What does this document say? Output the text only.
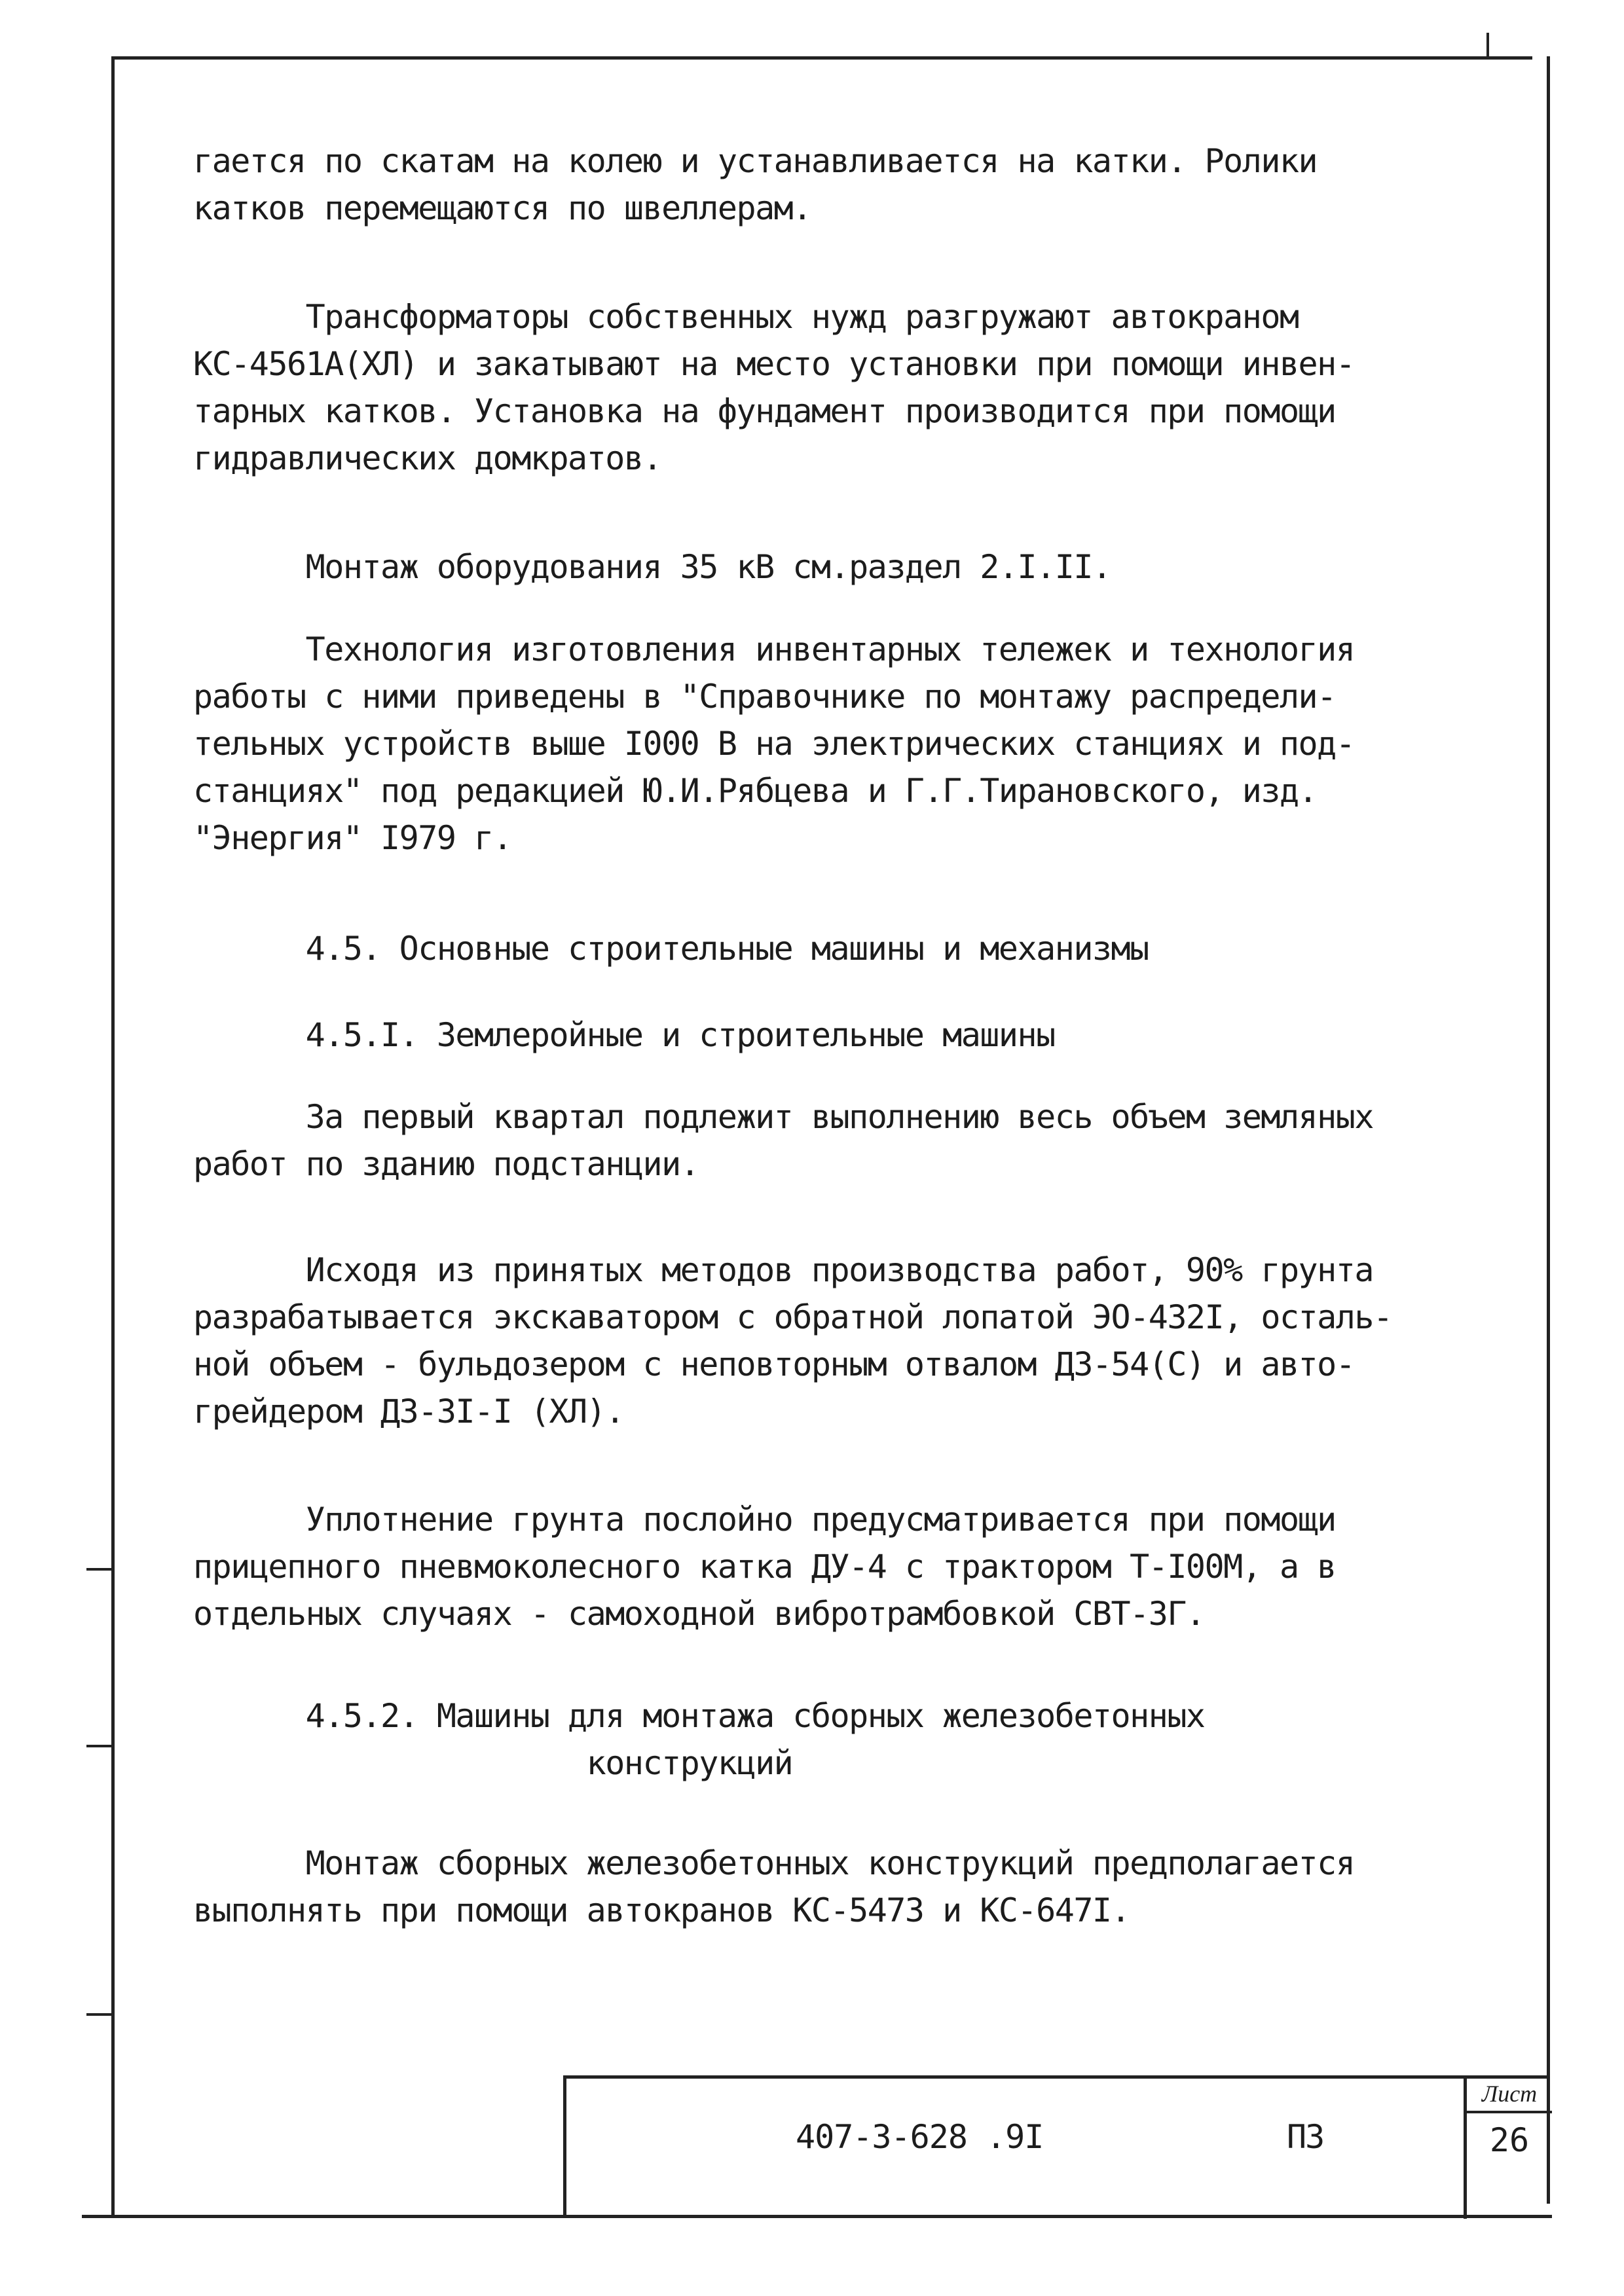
гается по скатам на колею и устанавливается на катки. Ролики
катков перемещаются по швеллерам.
Трансформаторы собственных нужд разгружают автокраном
КС-4561А(ХЛ) и закатывают на место установки при помощи инвен-
тарных катков. Установка на фундамент производится при помощи
гидравлических домкратов.
Монтаж оборудования 35 кВ см.раздел 2.I.II.
Технология изготовления инвентарных тележек и технология
работы с ними приведены в "Справочнике по монтажу распредели-
тельных устройств выше I000 В на электрических станциях и под-
станциях" под редакцией Ю.И.Рябцева и Г.Г.Тирановского, изд.
"Энергия" I979 г.
4.5. Основные строительные машины и механизмы
4.5.I. Землеройные и строительные машины
За первый квартал подлежит выполнению весь объем земляных
работ по зданию подстанции.
Исходя из принятых методов производства работ, 90% грунта
разрабатывается экскаватором с обратной лопатой ЭО-432I, осталь-
ной объем - бульдозером с неповторным отвалом ДЗ-54(С) и авто-
грейдером ДЗ-3I-I (ХЛ).
Уплотнение грунта послойно предусматривается при помощи
прицепного пневмоколесного катка ДУ-4 с трактором Т-I00М, а в
отдельных случаях - самоходной вибротрамбовкой СВТ-3Г.
4.5.2. Машины для монтажа сборных железобетонных
конструкций
Монтаж сборных железобетонных конструкций предполагается
выполнять при помощи автокранов КС-5473 и КС-647I.
407-3-628 .9I	ПЗ
Лист
26
